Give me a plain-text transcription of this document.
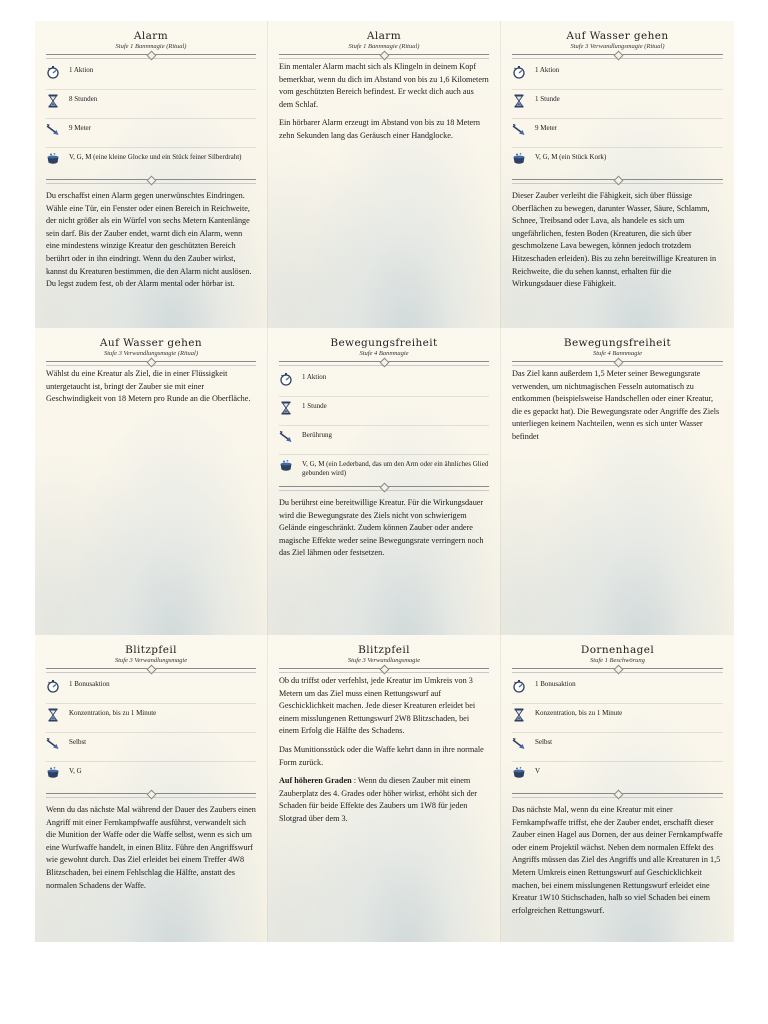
Alarm
Stufe 1 Bannmagie (Ritual)
1 Aktion
8 Stunden
9 Meter
V, G, M (eine kleine Glocke und ein Stück feiner Silberdraht)

Du erschaffst einen Alarm gegen unerwünschtes Eindringen. Wähle eine Tür, ein Fenster oder einen Bereich in Reichweite, der nicht größer als ein Würfel von sechs Metern Kantenlänge sein darf. Bis der Zauber endet, warnt dich ein Alarm, wenn eine mindestens winzige Kreatur den geschützten Bereich berührt oder in ihn eindringt. Wenn du den Zauber wirkst, kannst du Kreaturen bestimmen, die den Alarm nicht auslösen. Du legst zudem fest, ob der Alarm mental oder hörbar ist.

Alarm
Stufe 1 Bannmagie (Ritual)

Ein mentaler Alarm macht sich als Klingeln in deinem Kopf bemerkbar, wenn du dich im Abstand von bis zu 1,6 Kilometern vom geschützten Bereich befindest. Er weckt dich auch aus dem Schlaf.

Ein hörbarer Alarm erzeugt im Abstand von bis zu 18 Metern zehn Sekunden lang das Geräusch einer Handglocke.

Auf Wasser gehen
Stufe 3 Verwandlungsmagie (Ritual)
1 Aktion
1 Stunde
9 Meter
V, G, M (ein Stück Kork)

Dieser Zauber verleiht die Fähigkeit, sich über flüssige Oberflächen zu bewegen, darunter Wasser, Säure, Schlamm, Schnee, Treibsand oder Lava, als handele es sich um ungefährlichen, festen Boden (Kreaturen, die sich über geschmolzene Lava bewegen, können jedoch trotzdem Hitzeschaden erleiden). Bis zu zehn bereitwillige Kreaturen in Reichweite, die du sehen kannst, erhalten für die Wirkungsdauer diese Fähigkeit.

Auf Wasser gehen
Stufe 3 Verwandlungsmagie (Ritual)

Wählst du eine Kreatur als Ziel, die in einer Flüssigkeit untergetaucht ist, bringt der Zauber sie mit einer Geschwindigkeit von 18 Metern pro Runde an die Oberfläche.

Bewegungsfreiheit
Stufe 4 Bannmagie
1 Aktion
1 Stunde
Berührung
V, G, M (ein Lederband, das um den Arm oder ein ähnliches Glied gebunden wird)

Du berührst eine bereitwillige Kreatur. Für die Wirkungsdauer wird die Bewegungsrate des Ziels nicht von schwierigem Gelände eingeschränkt. Zudem können Zauber oder andere magische Effekte weder seine Bewegungsrate verringern noch das Ziel lähmen oder festsetzen.

Bewegungsfreiheit
Stufe 4 Bannmagie

Das Ziel kann außerdem 1,5 Meter seiner Bewegungsrate verwenden, um nichtmagischen Fesseln automatisch zu entkommen (beispielsweise Handschellen oder einer Kreatur, die es gepackt hat). Die Bewegungsrate oder Angriffe des Ziels unterliegen keinem Nachteilen, wenn es sich unter Wasser befindet

Blitzpfeil
Stufe 3 Verwandlungsmagie
1 Bonusaktion
Konzentration, bis zu 1 Minute
Selbst
V, G

Wenn du das nächste Mal während der Dauer des Zaubers einen Angriff mit einer Fernkampfwaffe ausführst, verwandelt sich die Munition der Waffe oder die Waffe selbst, wenn es sich um eine Wurfwaffe handelt, in einen Blitz. Führe den Angriffswurf wie gewohnt durch. Das Ziel erleidet bei einem Treffer 4W8 Blitzschaden, bei einem Fehlschlag die Hälfte, anstatt des normalen Schadens der Waffe.

Blitzpfeil
Stufe 3 Verwandlungsmagie

Ob du triffst oder verfehlst, jede Kreatur im Umkreis von 3 Metern um das Ziel muss einen Rettungswurf auf Geschicklichkeit machen. Jede dieser Kreaturen erleidet bei einem misslungenen Rettungswurf 2W8 Blitzschaden, bei einem Erfolg die Hälfte des Schadens.

Das Munitionsstück oder die Waffe kehrt dann in ihre normale Form zurück.

Auf höheren Graden : Wenn du diesen Zauber mit einem Zauberplatz des 4. Grades oder höher wirkst, erhöht sich der Schaden für beide Effekte des Zaubers um 1W8 für jeden Slotgrad über dem 3.

Dornenhagel
Stufe 1 Beschwörung
1 Bonusaktion
Konzentration, bis zu 1 Minute
Selbst
V

Das nächste Mal, wenn du eine Kreatur mit einer Fernkampfwaffe triffst, ehe der Zauber endet, erschafft dieser Zauber einen Hagel aus Dornen, der aus deiner Fernkampfwaffe oder einem Projektil wächst. Neben dem normalen Effekt des Angriffs müssen das Ziel des Angriffs und alle Kreaturen in 1,5 Metern Umkreis einen Rettungswurf auf Geschicklichkeit machen, bei einem misslungenen Rettungswurf erleidet eine Kreatur 1W10 Stichschaden, halb so viel Schaden bei einem erfolgreichen Rettungswurf.
